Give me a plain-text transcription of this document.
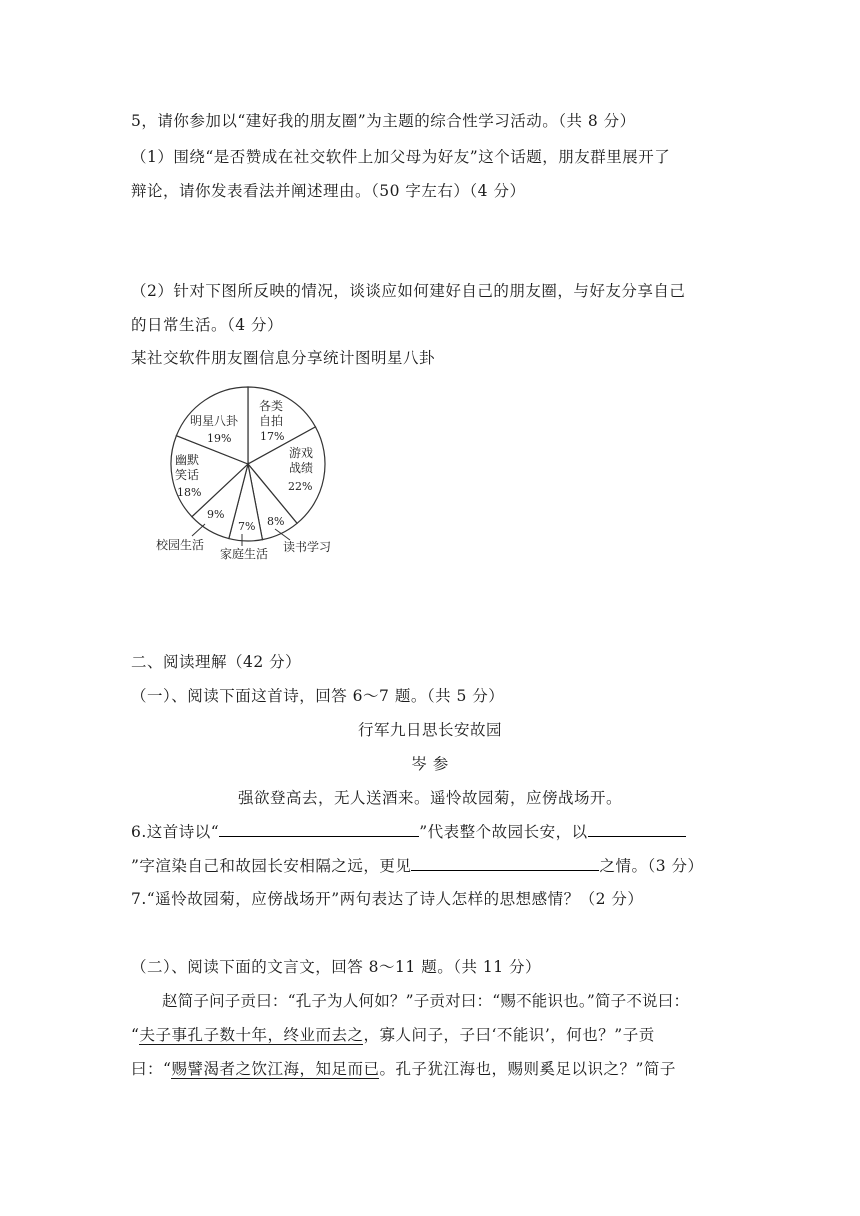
5，请你参加以“建好我的朋友圈”为主题的综合性学习活动。（共 8 分）
（1）围绕“是否赞成在社交软件上加父母为好友”这个话题，朋友群里展开了
辩论，请你发表看法并阐述理由。（50 字左右）（4 分）
（2）针对下图所反映的情况，谈谈应如何建好自己的朋友圈，与好友分享自己
的日常生活。（4 分）
某社交软件朋友圈信息分享统计图明星八卦
各类
自拍
17%
游戏
战绩
22%
8%
读书学习
7%
家庭生活
9%
校园生活
幽默
笑话
18%
明星八卦
19%
二、阅读理解（42 分）
（一）、阅读下面这首诗，回答 6～7 题。（共 5 分）
行军九日思长安故园
岑 参
强欲登高去，无人送酒来。遥怜故园菊，应傍战场开。
6.这首诗以“	”代表整个故园长安，以
”字渲染自己和故园长安相隔之远，更见	之情。（3 分）
7.“遥怜故园菊，应傍战场开”两句表达了诗人怎样的思想感情？（2 分）
（二）、阅读下面的文言文，回答 8～11 题。（共 11 分）
赵简子问子贡曰：“孔子为人何如？”子贡对曰：“赐不能识也。”简子不说曰：
“夫子事孔子数十年，终业而去之，寡人问子，子曰‘不能识’，何也？”子贡
曰：“赐譬渴者之饮江海，知足而已。孔子犹江海也，赐则奚足以识之？”简子
